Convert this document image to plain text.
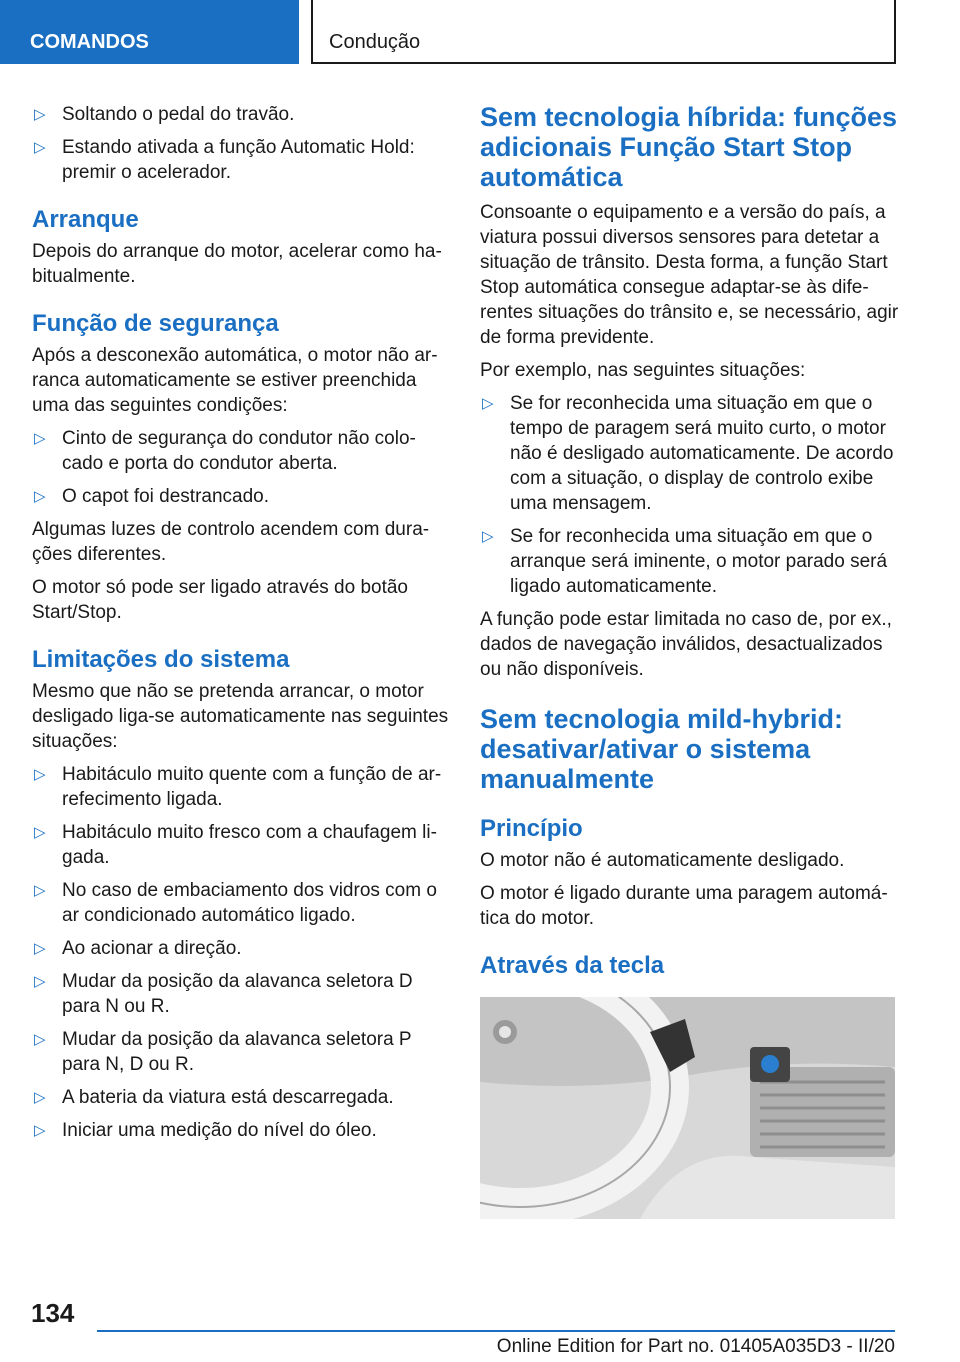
COMANDOS	Condução
▷ Soltando o pedal do travão.
▷ Estando ativada a função Automatic Hold: premir o acelerador.
Arranque

Depois do arranque do motor, acelerar como habitualmente.

Função de segurança

Após a desconexão automática, o motor não arranca automaticamente se estiver preenchida uma das seguintes condições:

▷ Cinto de segurança do condutor não colocado e porta do condutor aberta.
▷ O capot foi destrancado.

Algumas luzes de controlo acendem com durações diferentes.

O motor só pode ser ligado através do botão Start/Stop.

Limitações do sistema

Mesmo que não se pretenda arrancar, o motor desligado liga-se automaticamente nas seguintes situações:

▷ Habitáculo muito quente com a função de arrefecimento ligada.
▷ Habitáculo muito fresco com a chaufagem ligada.
▷ No caso de embaciamento dos vidros com o ar condicionado automático ligado.
▷ Ao acionar a direção.
▷ Mudar da posição da alavanca seletora D para N ou R.
▷ Mudar da posição da alavanca seletora P para N, D ou R.
▷ A bateria da viatura está descarregada.
▷ Iniciar uma medição do nível do óleo.
Sem tecnologia híbrida: funções adicionais Função Start Stop automática

Consoante o equipamento e a versão do país, a viatura possui diversos sensores para detetar a situação de trânsito. Desta forma, a função Start Stop automática consegue adaptar-se às diferentes situações do trânsito e, se necessário, agir de forma previdente.

Por exemplo, nas seguintes situações:

▷ Se for reconhecida uma situação em que o tempo de paragem será muito curto, o motor não é desligado automaticamente. De acordo com a situação, o display de controlo exibe uma mensagem.
▷ Se for reconhecida uma situação em que o arranque será iminente, o motor parado será ligado automaticamente.

A função pode estar limitada no caso de, por ex., dados de navegação inválidos, desactualizados ou não disponíveis.

Sem tecnologia mild-hybrid: desativar/ativar o sistema manualmente
Princípio

O motor não é automaticamente desligado.

O motor é ligado durante uma paragem automática do motor.

Através da tecla
134
Online Edition for Part no. 01405A035D3 - II/20
